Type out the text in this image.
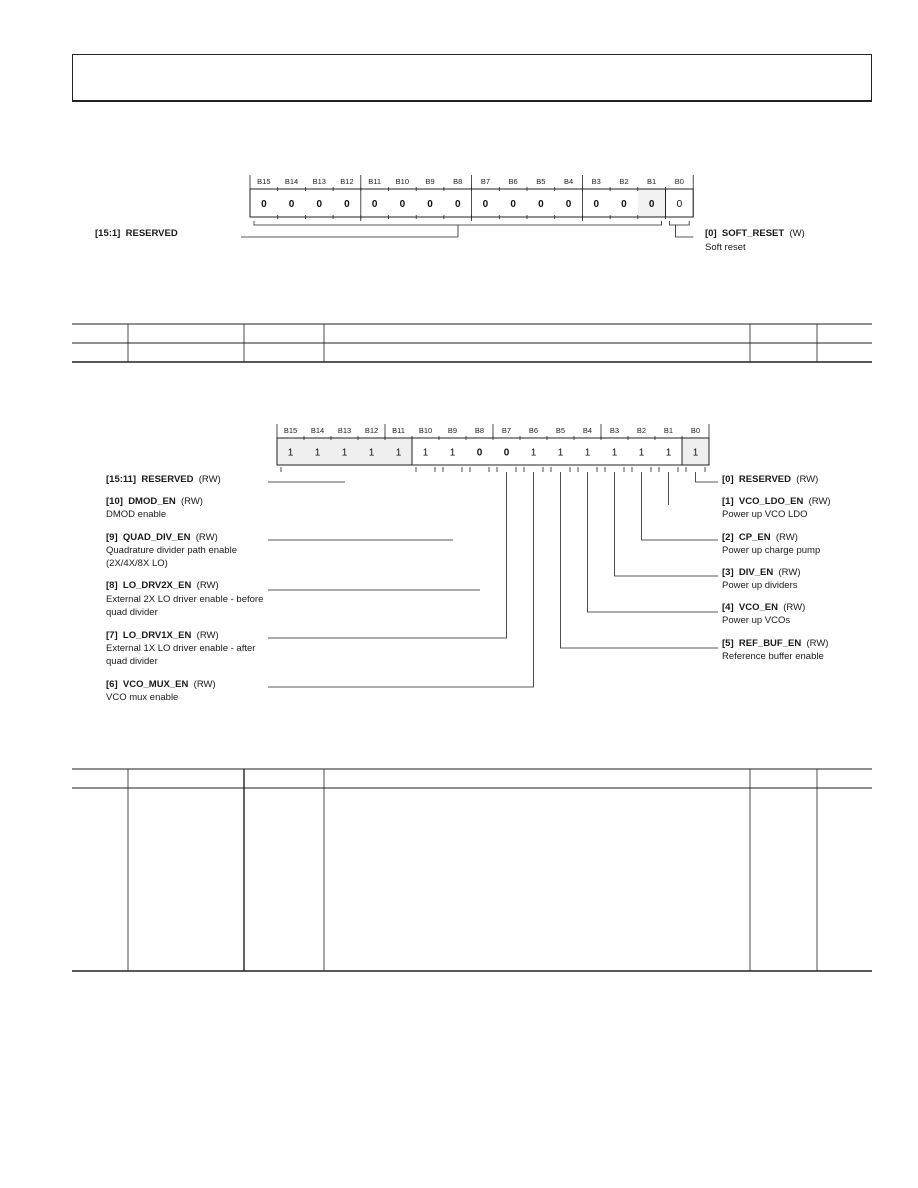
B15
0
B14
0
B13
0
B12
0
B11
0
B10
0
B9
0
B8
0
B7
0
B6
0
B5
0
B4
0
B3
0
B2
0
B1
0
B0
0
[15:1] RESERVED	[0] SOFT_RESET (W)
Soft reset
B15
1
B14
1
B13
1
B12
1
B11
1
B10
1
B9
1
B8
0
B7
0
B6
1
B5
1
B4
1
B3
1
B2
1
B1
1
B0
1
[15:11] RESERVED (RW)
[10] DMOD_EN (RW)
DMOD enable
[9] QUAD_DIV_EN (RW)
Quadrature divider path enable
(2X/4X/8X LO)
[8] LO_DRV2X_EN (RW)
External 2X LO driver enable - before
quad divider
[7] LO_DRV1X_EN (RW)
External 1X LO driver enable - after
quad divider
[6] VCO_MUX_EN (RW)
VCO mux enable
[0] RESERVED (RW)
[1] VCO_LDO_EN (RW)
Power up VCO LDO
[2] CP_EN (RW)
Power up charge pump
[3] DIV_EN (RW)
Power up dividers
[4] VCO_EN (RW)
Power up VCOs
[5] REF_BUF_EN (RW)
Reference buffer enable
